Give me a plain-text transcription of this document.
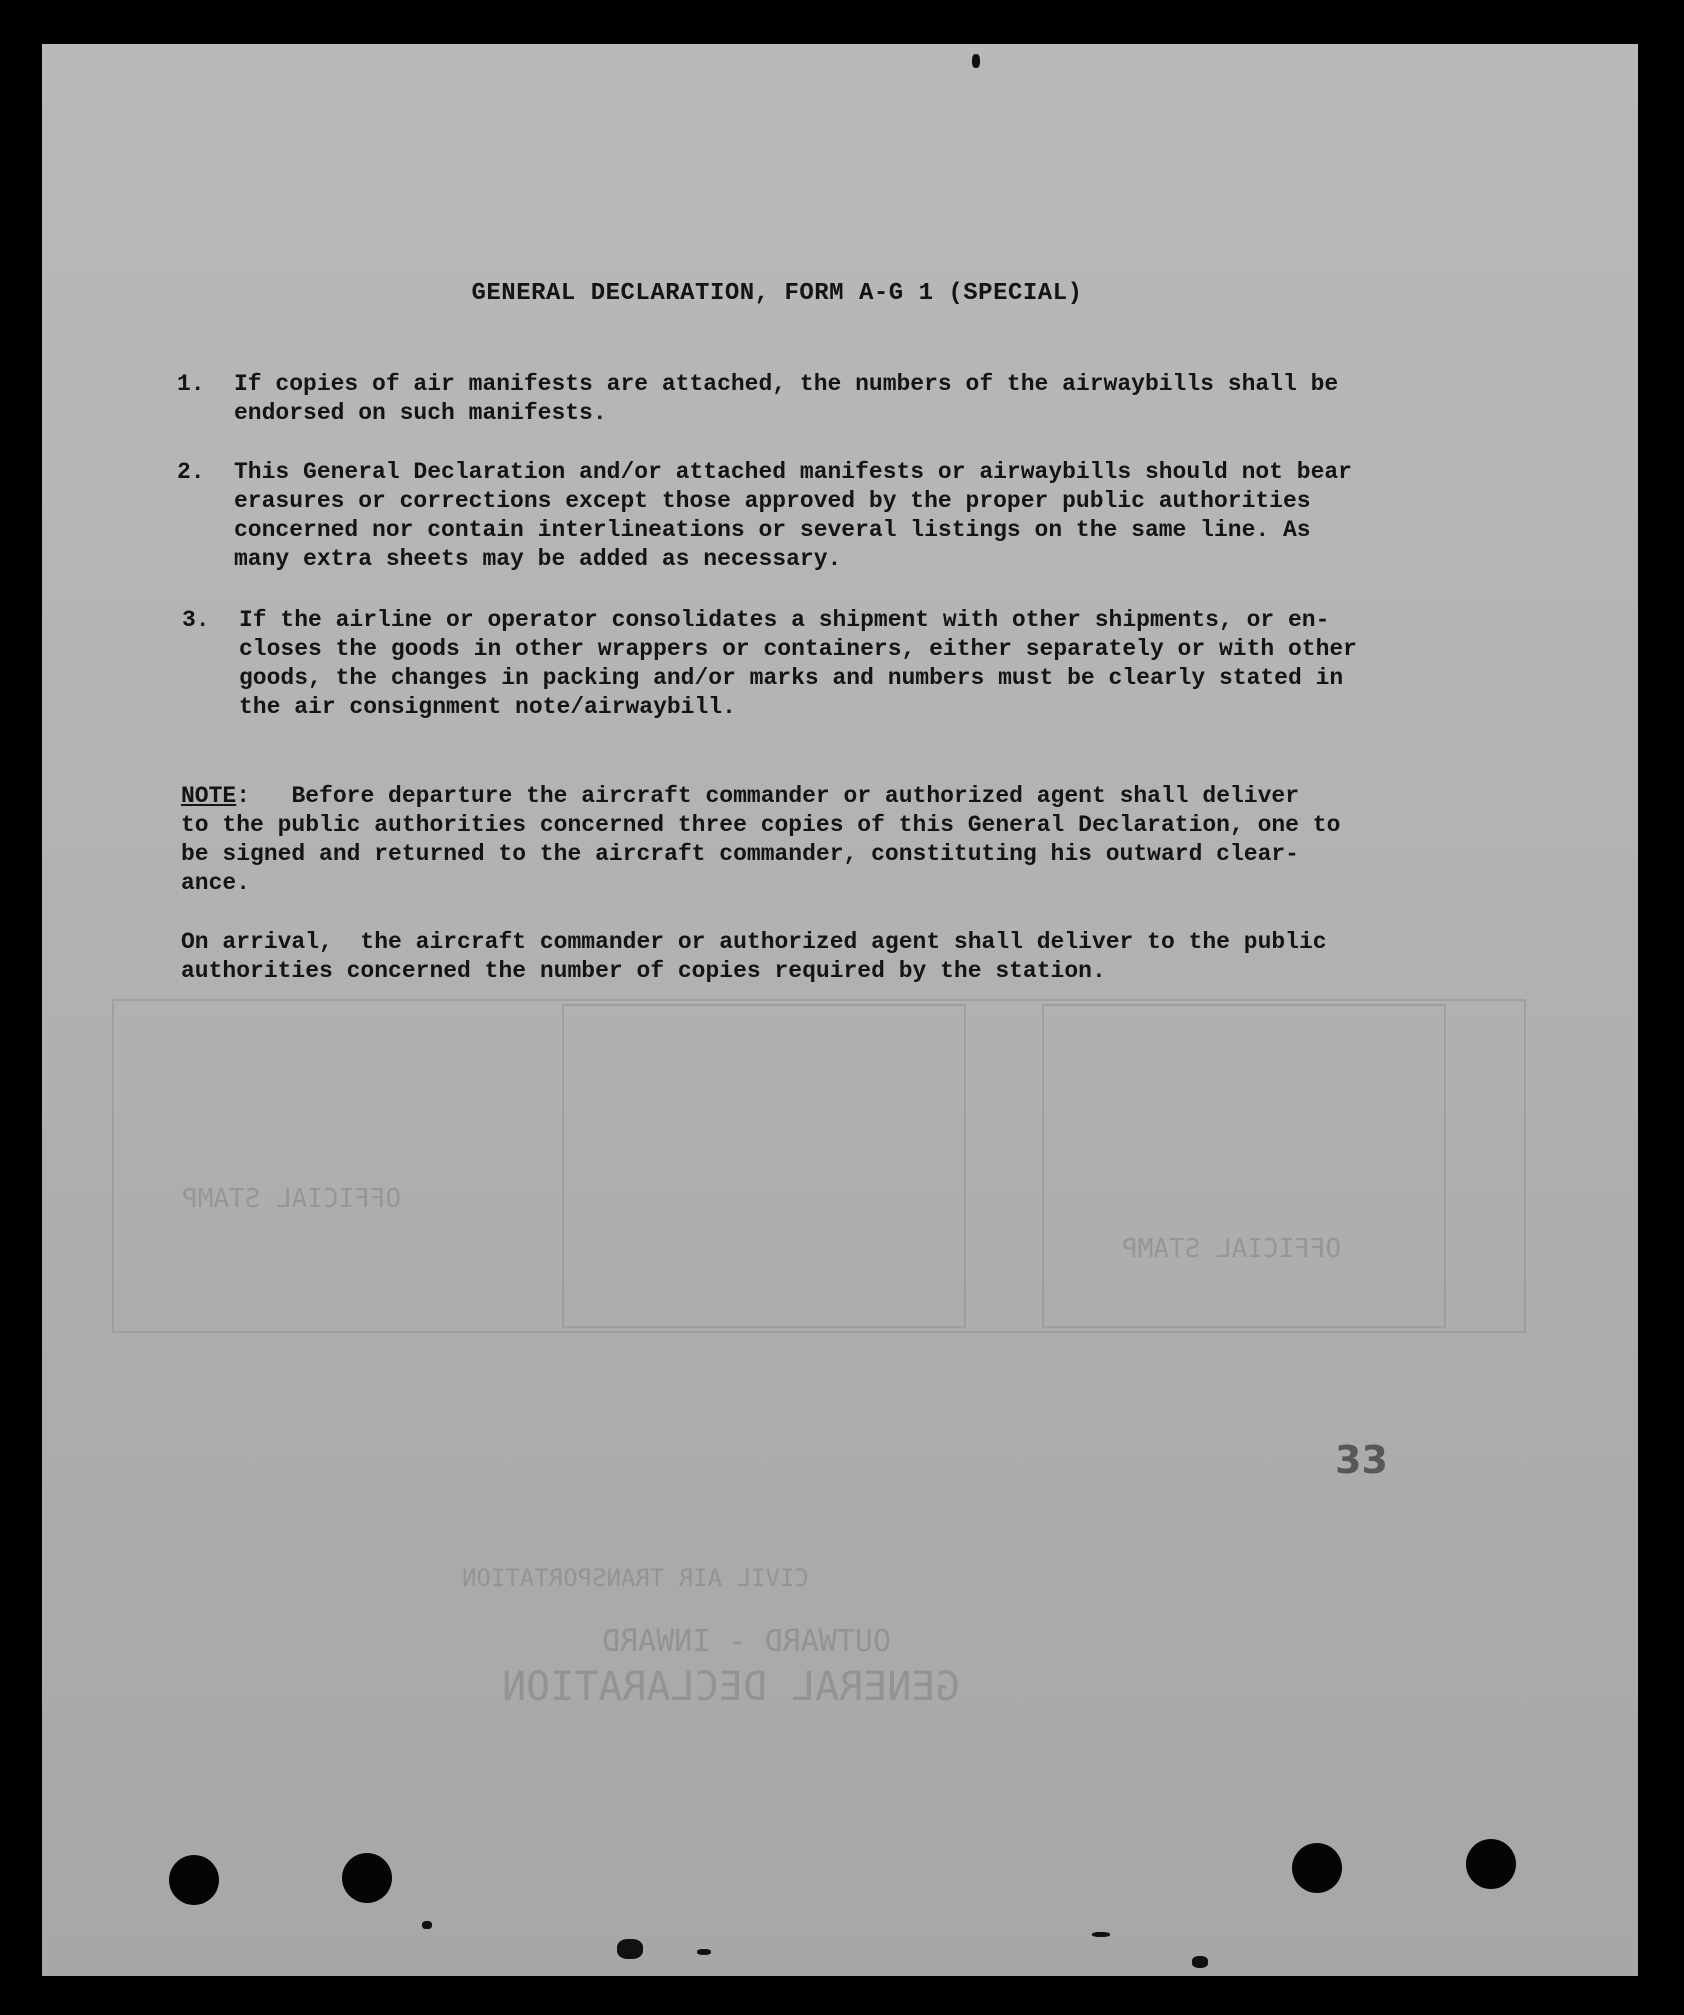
GENERAL DECLARATION
OUTWARD - INWARD
CIVIL AIR TRANSPORTATION
OFFICIAL STAMP
OFFICIAL STAMP
GENERAL DECLARATION, FORM A-G 1 (SPECIAL)
1. If copies of air manifests are attached, the numbers of the airwaybills shall be
endorsed on such manifests.
2. This General Declaration and/or attached manifests or airwaybills should not bear
erasures or corrections except those approved by the proper public authorities
concerned nor contain interlineations or several listings on the same line. As
many extra sheets may be added as necessary.
3. If the airline or operator consolidates a shipment with other shipments, or en-
closes the goods in other wrappers or containers, either separately or with other
goods, the changes in packing and/or marks and numbers must be clearly stated in
the air consignment note/airwaybill.
NOTE:   Before departure the aircraft commander or authorized agent shall deliver
to the public authorities concerned three copies of this General Declaration, one to
be signed and returned to the aircraft commander, constituting his outward clear-
ance.
On arrival,  the aircraft commander or authorized agent shall deliver to the public
authorities concerned the number of copies required by the station.
33
